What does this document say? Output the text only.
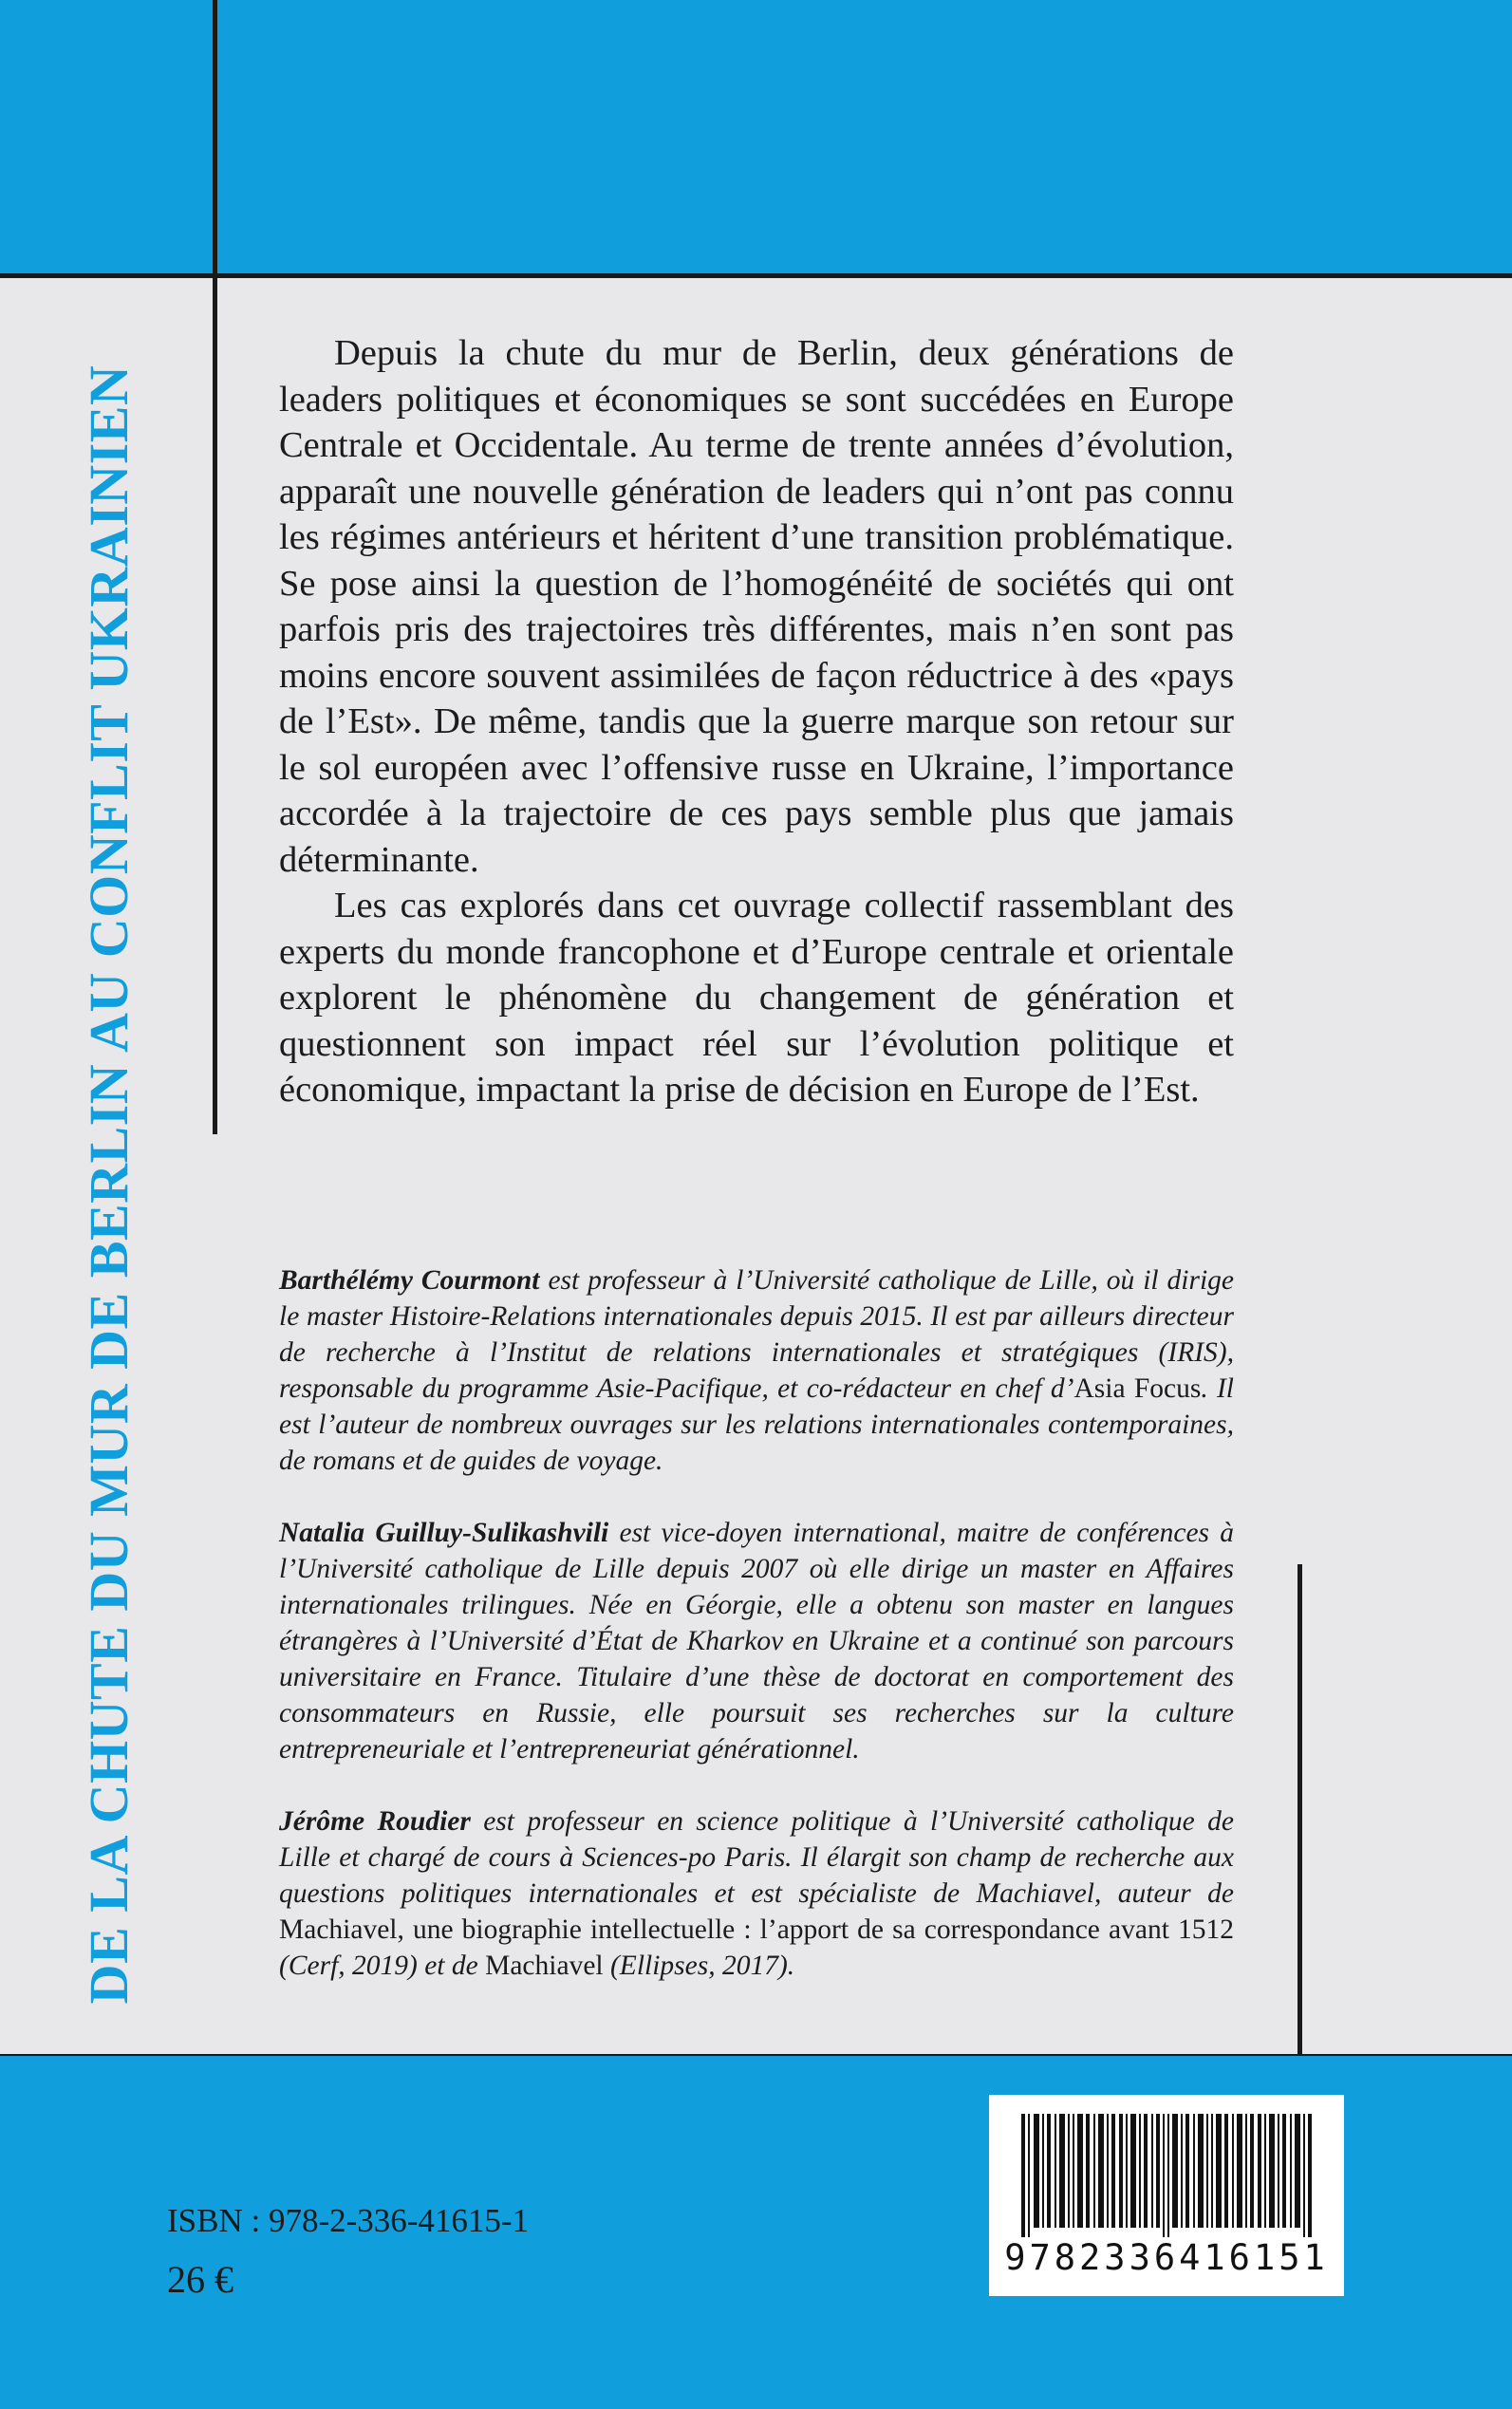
DE LA CHUTE DU MUR DE BERLIN AU CONFLIT UKRAINIEN

Depuis la chute du mur de Berlin, deux générations de leaders politiques et économiques se sont succédées en Europe Centrale et Occidentale. Au terme de trente années d’évolution, apparaît une nouvelle génération de leaders qui n’ont pas connu les régimes antérieurs et héritent d’une transition problématique. Se pose ainsi la question de l’homogénéité de sociétés qui ont parfois pris des trajectoires très différentes, mais n’en sont pas moins encore souvent assimilées de façon réductrice à des «pays de l’Est». De même, tandis que la guerre marque son retour sur le sol européen avec l’offensive russe en Ukraine, l’importance accordée à la trajectoire de ces pays semble plus que jamais déterminante.

Les cas explorés dans cet ouvrage collectif rassemblant des experts du monde francophone et d’Europe centrale et orientale explorent le phénomène du changement de génération et questionnent son impact réel sur l’évolution politique et économique, impactant la prise de décision en Europe de l’Est.

Barthélémy Courmont est professeur à l’Université catholique de Lille, où il dirige le master Histoire-Relations internationales depuis 2015. Il est par ailleurs directeur de recherche à l’Institut de relations internationales et stratégiques (IRIS), responsable du programme Asie-Pacifique, et co-rédacteur en chef d’Asia Focus. Il est l’auteur de nombreux ouvrages sur les relations internationales contemporaines, de romans et de guides de voyage.

Natalia Guilluy-Sulikashvili est vice-doyen international, maitre de conférences à l’Université catholique de Lille depuis 2007 où elle dirige un master en Affaires internationales trilingues. Née en Géorgie, elle a obtenu son master en langues étrangères à l’Université d’État de Kharkov en Ukraine et a continué son parcours universitaire en France. Titulaire d’une thèse de doctorat en comportement des consommateurs en Russie, elle poursuit ses recherches sur la culture entrepreneuriale et l’entrepreneuriat générationnel.

Jérôme Roudier est professeur en science politique à l’Université catholique de Lille et chargé de cours à Sciences-po Paris. Il élargit son champ de recherche aux questions politiques internationales et est spécialiste de Machiavel, auteur de Machiavel, une biographie intellectuelle : l’apport de sa correspondance avant 1512 (Cerf, 2019) et de Machiavel (Ellipses, 2017).

ISBN : 978-2-336-41615-1
26 €
9782336416151
